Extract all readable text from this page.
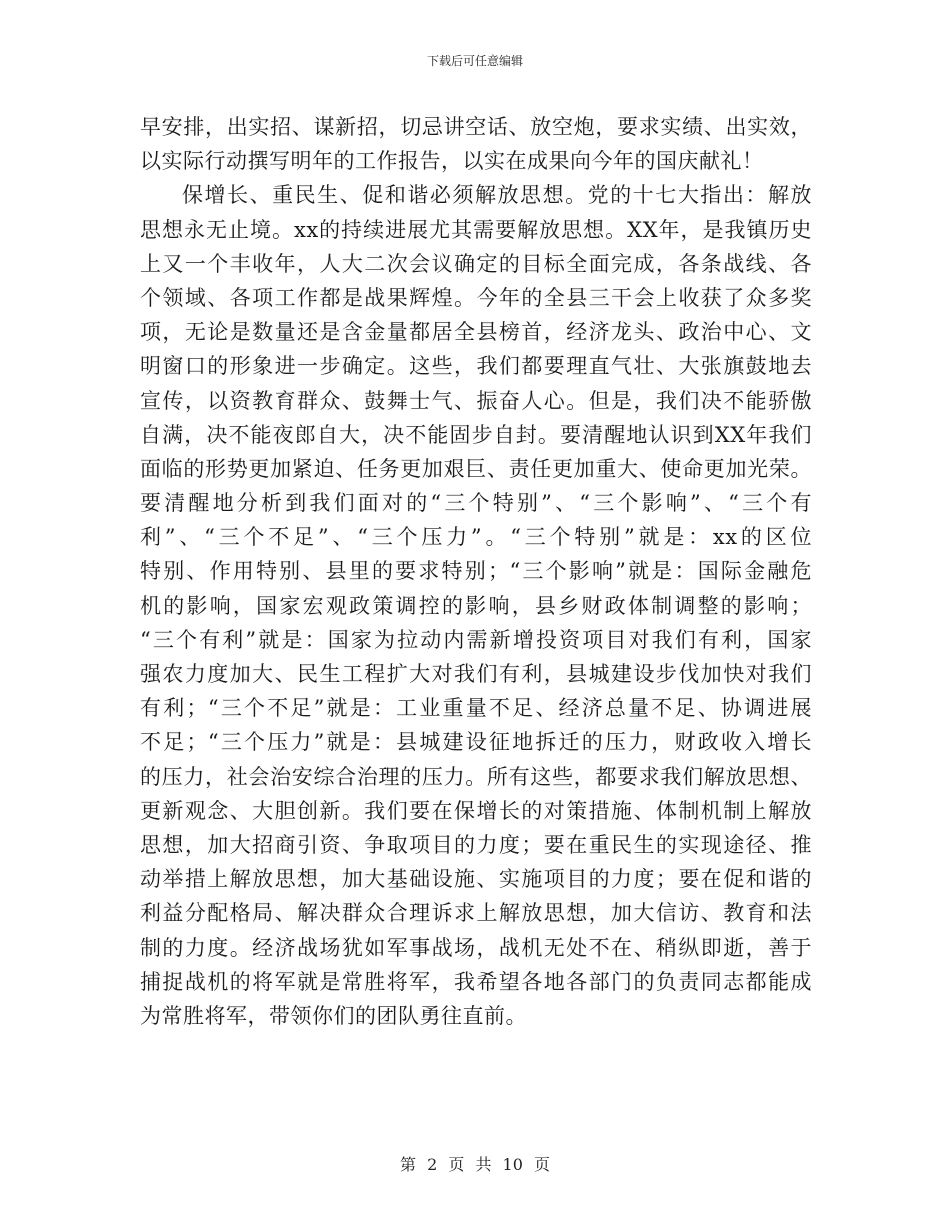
下载后可任意编辑
早安排，出实招、谋新招，切忌讲空话、放空炮，要求实绩、出实效，
以实际行动撰写明年的工作报告，以实在成果向今年的国庆献礼！
保增长、重民生、促和谐必须解放思想。党的十七大指出：解放
思想永无止境。xx的持续进展尤其需要解放思想。XX年，是我镇历史
上又一个丰收年，人大二次会议确定的目标全面完成，各条战线、各
个领域、各项工作都是战果辉煌。今年的全县三干会上收获了众多奖
项，无论是数量还是含金量都居全县榜首，经济龙头、政治中心、文
明窗口的形象进一步确定。这些，我们都要理直气壮、大张旗鼓地去
宣传，以资教育群众、鼓舞士气、振奋人心。但是，我们决不能骄傲
自满，决不能夜郎自大，决不能固步自封。要清醒地认识到XX年我们
面临的形势更加紧迫、任务更加艰巨、责任更加重大、使命更加光荣。
要清醒地分析到我们面对的“三个特别”、“三个影响”、“三个有
利”、“三个不足”、“三个压力”。“三个特别”就是：xx的区位
特别、作用特别、县里的要求特别；“三个影响”就是：国际金融危
机的影响，国家宏观政策调控的影响，县乡财政体制调整的影响；
“三个有利”就是：国家为拉动内需新增投资项目对我们有利，国家
强农力度加大、民生工程扩大对我们有利，县城建设步伐加快对我们
有利；“三个不足”就是：工业重量不足、经济总量不足、协调进展
不足；“三个压力”就是：县城建设征地拆迁的压力，财政收入增长
的压力，社会治安综合治理的压力。所有这些，都要求我们解放思想、
更新观念、大胆创新。我们要在保增长的对策措施、体制机制上解放
思想，加大招商引资、争取项目的力度；要在重民生的实现途径、推
动举措上解放思想，加大基础设施、实施项目的力度；要在促和谐的
利益分配格局、解决群众合理诉求上解放思想，加大信访、教育和法
制的力度。经济战场犹如军事战场，战机无处不在、稍纵即逝，善于
捕捉战机的将军就是常胜将军，我希望各地各部门的负责同志都能成
为常胜将军，带领你们的团队勇往直前。
第 2 页 共 10 页
